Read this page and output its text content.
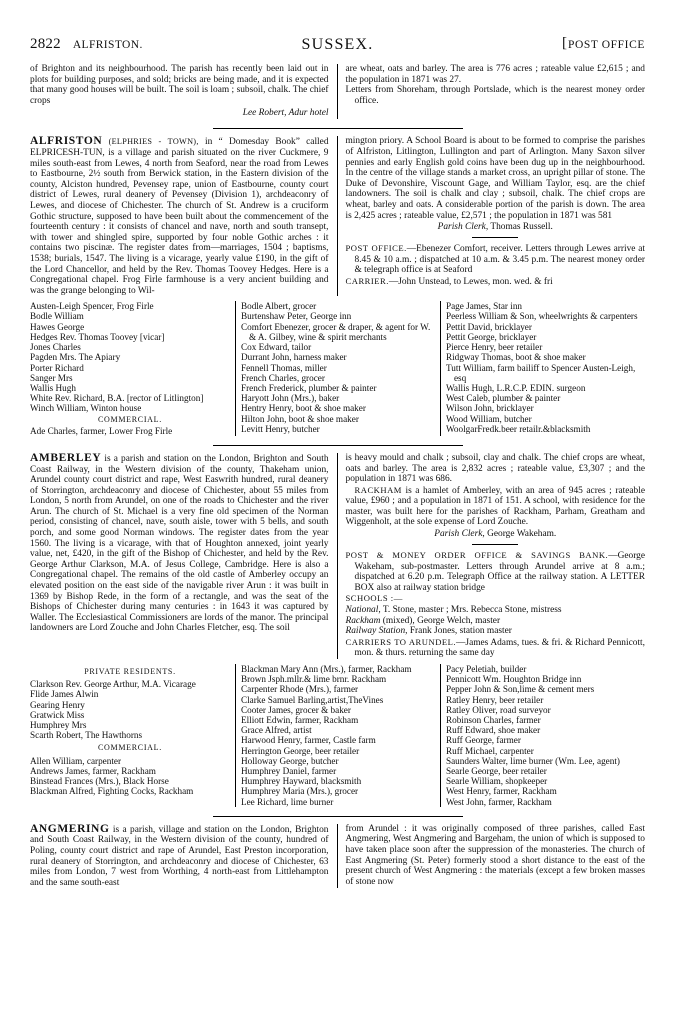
2822 ALFRISTON.	SUSSEX.	[ POST OFFICE

of Brighton and its neighbourhood. The parish has recently been laid out in plots for building purposes, and sold; bricks are being made, and it is expected that many good houses will be built. The soil is loam ; subsoil, chalk. The chief crops

Lee Robert, Adur hotel

are wheat, oats and barley. The area is 776 acres ; rateable value £2,615 ; and the population in 1871 was 27.

Letters from Shoreham, through Portslade, which is the nearest money order office.

ALFRISTON (ELPHRIES - TOWN), in “ Domesday Book” called ELPRICESH-TUN, is a village and parish situated on the river Cuckmere, 9 miles south-east from Lewes, 4 north from Seaford, near the road from Lewes to Eastbourne, 2½ south from Berwick station, in the Eastern division of the county, Alciston hundred, Pevensey rape, union of Eastbourne, county court district of Lewes, rural deanery of Pevensey (Division 1), archdeaconry of Lewes, and diocese of Chichester. The church of St. Andrew is a cruciform Gothic structure, supposed to have been built about the commencement of the fourteenth century : it consists of chancel and nave, north and south transept, with tower and shingled spire, supported by four noble Gothic arches : it contains two piscinæ. The register dates from—marriages, 1504 ; baptisms, 1538; burials, 1547. The living is a vicarage, yearly value £190, in the gift of the Lord Chancellor, and held by the Rev. Thomas Toovey Hedges. Here is a Congregational chapel. Frog Firle farmhouse is a very ancient building and was the grange belonging to Wil-

mington priory. A School Board is about to be formed to comprise the parishes of Alfriston, Litlington, Lullington and part of Arlington. Many Saxon silver pennies and early English gold coins have been dug up in the neighbourhood. In the centre of the village stands a market cross, an upright pillar of stone. The Duke of Devonshire, Viscount Gage, and William Taylor, esq. are the chief landowners. The soil is chalk and clay ; subsoil, chalk. The chief crops are wheat, barley and oats. A considerable portion of the parish is down. The area is 2,425 acres ; rateable value, £2,571 ; the population in 1871 was 581

Parish Clerk, Thomas Russell.

POST OFFICE.—Ebenezer Comfort, receiver. Letters through Lewes arrive at 8.45 & 10 a.m. ; dispatched at 10 a.m. & 3.45 p.m. The nearest money order & telegraph office is at Seaford

CARRIER.—John Unstead, to Lewes, mon. wed. & fri

Austen-Leigh Spencer, Frog Firle
Bodle William
Hawes George
Hedges Rev. Thomas Toovey [vicar]
Jones Charles
Pagden Mrs. The Apiary
Porter Richard
Sanger Mrs
Wallis Hugh
White Rev. Richard, B.A. [rector of Litlington]
Winch William, Winton house
COMMERCIAL.
Ade Charles, farmer, Lower Frog Firle
Bodle Albert, grocer
Burtenshaw Peter, George inn
Comfort Ebenezer, grocer & draper, & agent for W. & A. Gilbey, wine & spirit merchants
Cox Edward, tailor
Durrant John, harness maker
Fennell Thomas, miller
French Charles, grocer
French Frederick, plumber & painter
Haryott John (Mrs.), baker
Hentry Henry, boot & shoe maker
Hilton John, boot & shoe maker
Levitt Henry, butcher
Page James, Star inn
Peerless William & Son, wheelwrights & carpenters
Pettit David, bricklayer
Pettit George, bricklayer
Pierce Henry, beer retailer
Ridgway Thomas, boot & shoe maker
Tutt William, farm bailiff to Spencer Austen-Leigh, esq
Wallis Hugh, L.R.C.P. EDIN. surgeon
West Caleb, plumber & painter
Wilson John, bricklayer
Wood William, butcher
WoolgarFredk.beer retailr.&blacksmith

AMBERLEY is a parish and station on the London, Brighton and South Coast Railway, in the Western division of the county, Thakeham union, Arundel county court district and rape, West Easwrith hundred, rural deanery of Storrington, archdeaconry and diocese of Chichester, about 55 miles from London, 5 north from Arundel, on one of the roads to Chichester and the river Arun. The church of St. Michael is a very fine old specimen of the Norman period, consisting of chancel, nave, south aisle, tower with 5 bells, and south porch, and some good Norman windows. The register dates from the year 1560. The living is a vicarage, with that of Houghton annexed, joint yearly value, net, £420, in the gift of the Bishop of Chichester, and held by the Rev. George Arthur Clarkson, M.A. of Jesus College, Cambridge. Here is also a Congregational chapel. The remains of the old castle of Amberley occupy an elevated position on the east side of the navigable river Arun : it was built in 1369 by Bishop Rede, in the form of a rectangle, and was the seat of the Bishops of Chichester during many centuries : in 1643 it was captured by Waller. The Ecclesiastical Commissioners are lords of the manor. The principal landowners are Lord Zouche and John Charles Fletcher, esq. The soil

is heavy mould and chalk ; subsoil, clay and chalk. The chief crops are wheat, oats and barley. The area is 2,832 acres ; rateable value, £3,307 ; and the population in 1871 was 686.

RACKHAM is a hamlet of Amberley, with an area of 945 acres ; rateable value, £960 ; and a population in 1871 of 151. A school, with residence for the master, was built here for the parishes of Rackham, Parham, Greatham and Wiggenholt, at the sole expense of Lord Zouche.

Parish Clerk, George Wakeham.

POST & MONEY ORDER OFFICE & SAVINGS BANK.—George Wakeham, sub-postmaster. Letters through Arundel arrive at 8 a.m.; dispatched at 6.20 p.m. Telegraph Office at the railway station. A LETTER BOX also at railway station bridge

SCHOOLS :—

National, T. Stone, master ; Mrs. Rebecca Stone, mistress

Rackham (mixed), George Welch, master

Railway Station, Frank Jones, station master

CARRIERS TO ARUNDEL.—James Adams, tues. & fri. & Richard Pennicott, mon. & thurs. returning the same day

PRIVATE RESIDENTS.
Clarkson Rev. George Arthur, M.A. Vicarage
Flide James Alwin
Gearing Henry
Gratwick Miss
Humphrey Mrs
Scarth Robert, The Hawthorns
COMMERCIAL.
Allen William, carpenter
Andrews James, farmer, Rackham
Binstead Frances (Mrs.), Black Horse
Blackman Alfred, Fighting Cocks, Rackham
Blackman Mary Ann (Mrs.), farmer, Rackham
Brown Jsph.mllr.& lime brnr. Rackham
Carpenter Rhode (Mrs.), farmer
Clarke Samuel Barling,artist,TheVines
Cooter James, grocer & baker
Elliott Edwin, farmer, Rackham
Grace Alfred, artist
Harwood Henry, farmer, Castle farm
Herrington George, beer retailer
Holloway George, butcher
Humphrey Daniel, farmer
Humphrey Hayward, blacksmith
Humphrey Maria (Mrs.), grocer
Lee Richard, lime burner
Pacy Peletiah, builder
Pennicott Wm. Houghton Bridge inn
Pepper John & Son,lime & cement mers
Ratley Henry, beer retailer
Ratley Oliver, road surveyor
Robinson Charles, farmer
Ruff Edward, shoe maker
Ruff George, farmer
Ruff Michael, carpenter
Saunders Walter, lime burner (Wm. Lee, agent)
Searle George, beer retailer
Searle William, shopkeeper
West Henry, farmer, Rackham
West John, farmer, Rackham

ANGMERING is a parish, village and station on the London, Brighton and South Coast Railway, in the Western division of the county, hundred of Poling, county court district and rape of Arundel, East Preston incorporation, rural deanery of Storrington, and archdeaconry and diocese of Chichester, 63 miles from London, 7 west from Worthing, 4 north-east from Littlehampton and the same south-east

from Arundel : it was originally composed of three parishes, called East Angmering, West Angmering and Bargeham, the union of which is supposed to have taken place soon after the suppression of the monasteries. The church of East Angmering (St. Peter) formerly stood a short distance to the east of the present church of West Angmering : the materials (except a few broken masses of stone now
